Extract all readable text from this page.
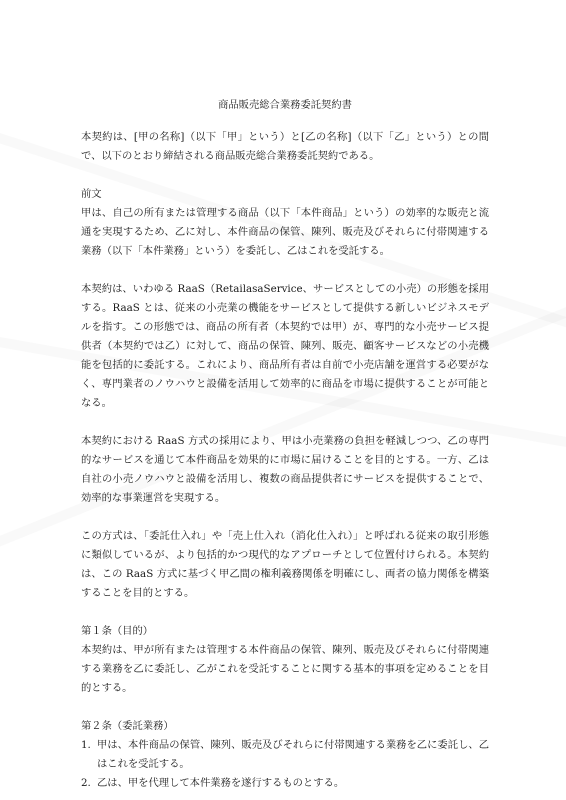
商品販売総合業務委託契約書

本契約は、[甲の名称]（以下「甲」という）と[乙の名称]（以下「乙」という）との間で、以下のとおり締結される商品販売総合業務委託契約である。

前文

甲は、自己の所有または管理する商品（以下「本件商品」という）の効率的な販売と流通を実現するため、乙に対し、本件商品の保管、陳列、販売及びそれらに付帯関連する業務（以下「本件業務」という）を委託し、乙はこれを受託する。

本契約は、いわゆる RaaS（RetailasaService、サービスとしての小売）の形態を採用する。RaaS とは、従来の小売業の機能をサービスとして提供する新しいビジネスモデルを指す。この形態では、商品の所有者（本契約では甲）が、専門的な小売サービス提供者（本契約では乙）に対して、商品の保管、陳列、販売、顧客サービスなどの小売機能を包括的に委託する。これにより、商品所有者は自前で小売店舗を運営する必要がなく、専門業者のノウハウと設備を活用して効率的に商品を市場に提供することが可能となる。

本契約における RaaS 方式の採用により、甲は小売業務の負担を軽減しつつ、乙の専門的なサービスを通じて本件商品を効果的に市場に届けることを目的とする。一方、乙は自社の小売ノウハウと設備を活用し、複数の商品提供者にサービスを提供することで、効率的な事業運営を実現する。

この方式は、「委託仕入れ」や「売上仕入れ（消化仕入れ）」と呼ばれる従来の取引形態に類似しているが、より包括的かつ現代的なアプローチとして位置付けられる。本契約は、この RaaS 方式に基づく甲乙間の権利義務関係を明確にし、両者の協力関係を構築することを目的とする。

第１条（目的）

本契約は、甲が所有または管理する本件商品の保管、陳列、販売及びそれらに付帯関連する業務を乙に委託し、乙がこれを受託することに関する基本的事項を定めることを目的とする。

第２条（委託業務）
1. 甲は、本件商品の保管、陳列、販売及びそれらに付帯関連する業務を乙に委託し、乙はこれを受託する。
2. 乙は、甲を代理して本件業務を遂行するものとする。
